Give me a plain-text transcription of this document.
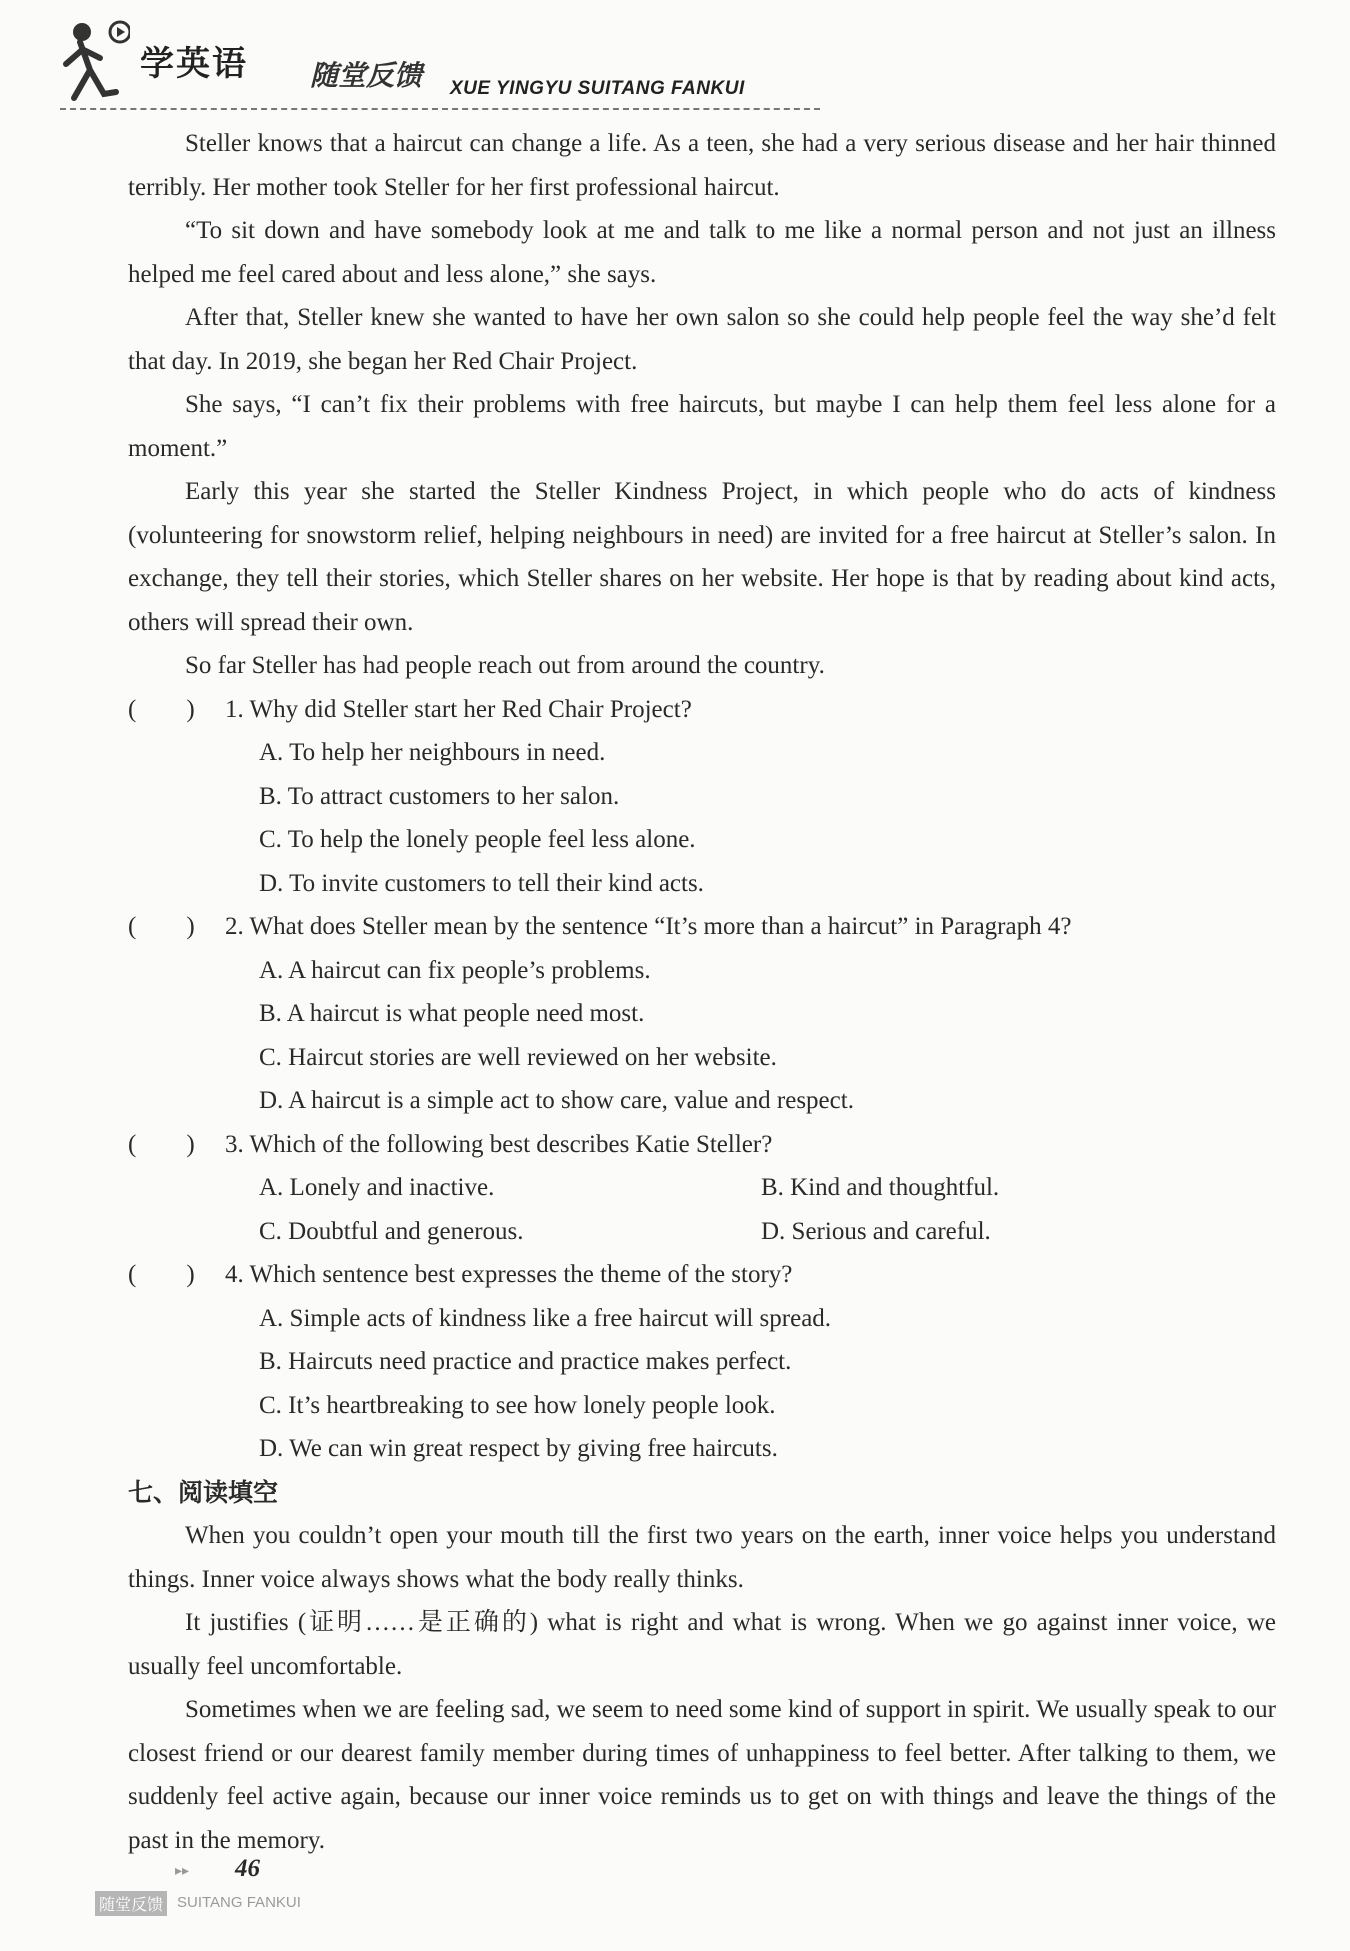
学英语 随堂反馈 XUE YINGYU SUITANG FANKUI

Steller knows that a haircut can change a life. As a teen, she had a very serious disease and her hair thinned terribly. Her mother took Steller for her first professional haircut.

“To sit down and have somebody look at me and talk to me like a normal person and not just an illness helped me feel cared about and less alone,” she says.

After that, Steller knew she wanted to have her own salon so she could help people feel the way she’d felt that day. In 2019, she began her Red Chair Project.

She says, “I can’t fix their problems with free haircuts, but maybe I can help them feel less alone for a moment.”

Early this year she started the Steller Kindness Project, in which people who do acts of kindness (volunteering for snowstorm relief, helping neighbours in need) are invited for a free haircut at Steller’s salon. In exchange, they tell their stories, which Steller shares on her website. Her hope is that by reading about kind acts, others will spread their own.

So far Steller has had people reach out from around the country.

(　　) 1. Why did Steller start her Red Chair Project?

A. To help her neighbours in need.

B. To attract customers to her salon.

C. To help the lonely people feel less alone.

D. To invite customers to tell their kind acts.

(　　) 2. What does Steller mean by the sentence “It’s more than a haircut” in Paragraph 4?

A. A haircut can fix people’s problems.

B. A haircut is what people need most.

C. Haircut stories are well reviewed on her website.

D. A haircut is a simple act to show care, value and respect.

(　　) 3. Which of the following best describes Katie Steller?
A. Lonely and inactive.	B. Kind and thoughtful.
C. Doubtful and generous.	D. Serious and careful.
(　　) 4. Which sentence best expresses the theme of the story?

A. Simple acts of kindness like a free haircut will spread.

B. Haircuts need practice and practice makes perfect.

C. It’s heartbreaking to see how lonely people look.

D. We can win great respect by giving free haircuts.

七、阅读填空

When you couldn’t open your mouth till the first two years on the earth, inner voice helps you understand things. Inner voice always shows what the body really thinks.

It justifies (证明……是正确的) what is right and what is wrong. When we go against inner voice, we usually feel uncomfortable.

Sometimes when we are feeling sad, we seem to need some kind of support in spirit. We usually speak to our closest friend or our dearest family member during times of unhappiness to feel better. After talking to them, we suddenly feel active again, because our inner voice reminds us to get on with things and leave the things of the past in the memory.

▸▸ 46
随堂反馈 SUITANG FANKUI
